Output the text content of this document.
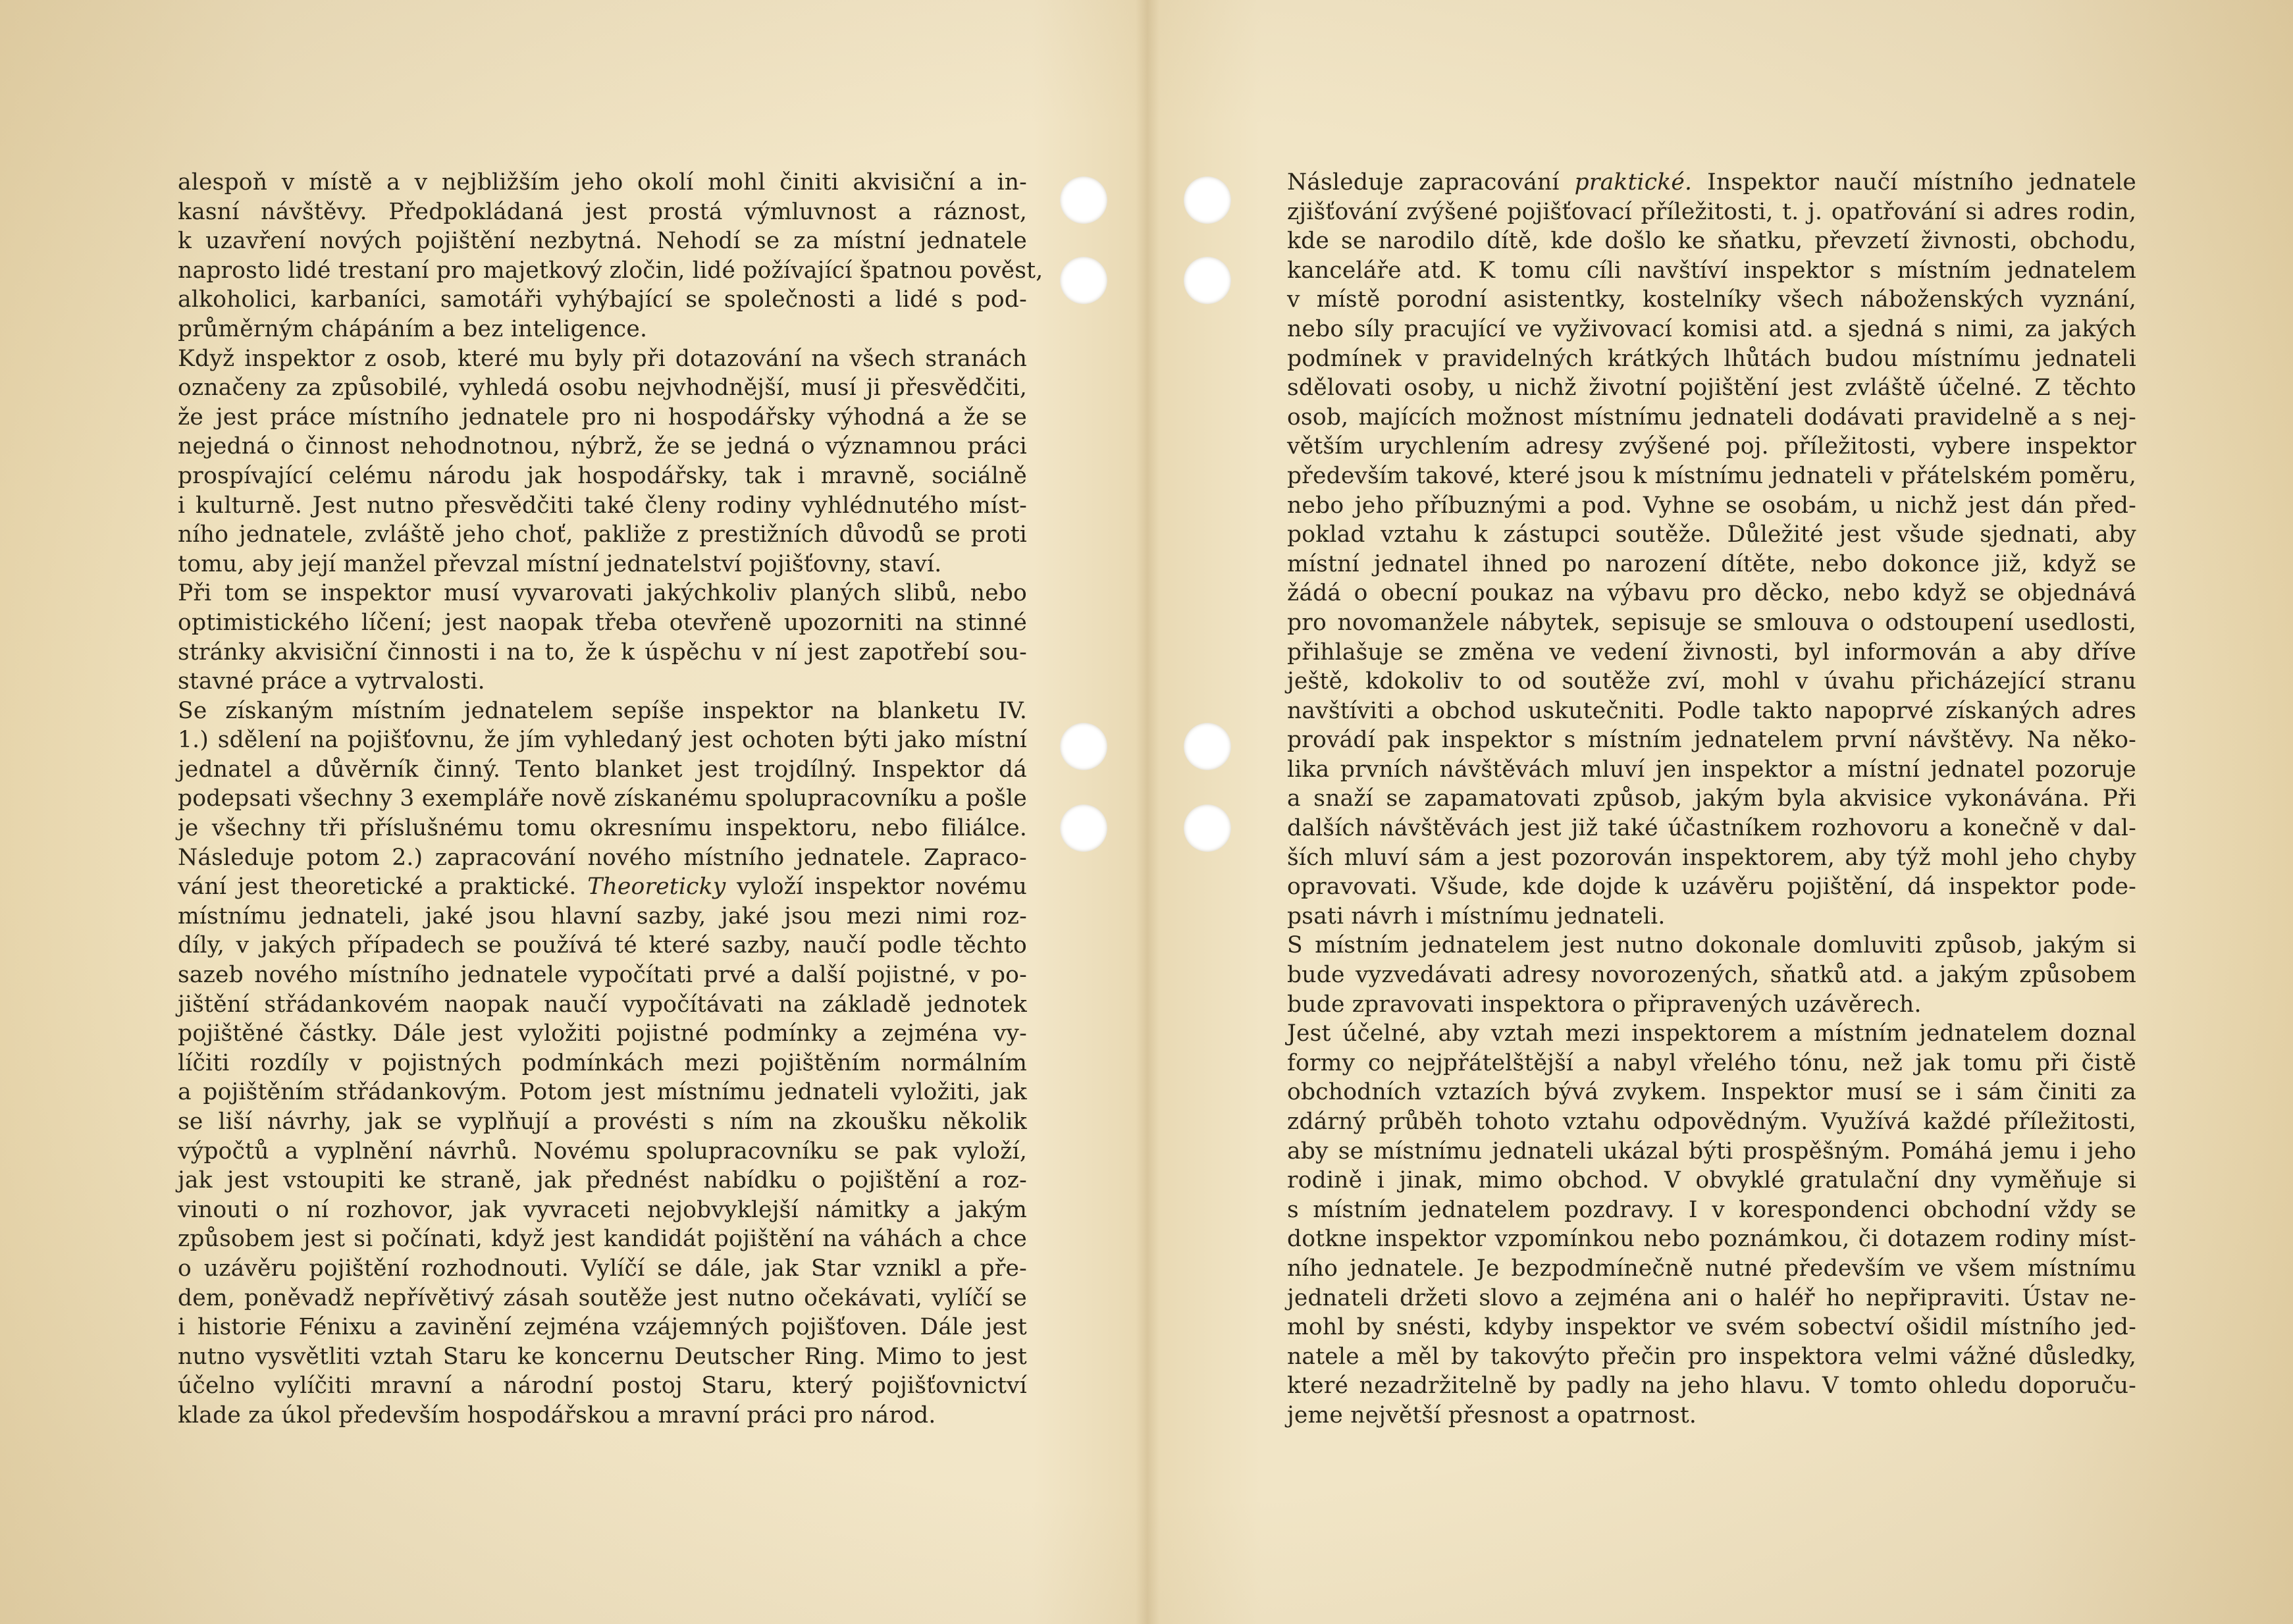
alespoň v místě a v nejbližším jeho okolí mohl činiti akvisiční a in-
kasní návštěvy. Předpokládaná jest prostá výmluvnost a ráznost,
k uzavření nových pojištění nezbytná. Nehodí se za místní jednatele
naprosto lidé trestaní pro majetkový zločin, lidé požívající špatnou pověst,
alkoholici, karbaníci, samotáři vyhýbající se společnosti a lidé s pod-
průměrným chápáním a bez inteligence.
Když inspektor z osob, které mu byly při dotazování na všech stranách
označeny za způsobilé, vyhledá osobu nejvhodnější, musí ji přesvědčiti,
že jest práce místního jednatele pro ni hospodářsky výhodná a že se
nejedná o činnost nehodnotnou, nýbrž, že se jedná o významnou práci
prospívající celému národu jak hospodářsky, tak i mravně, sociálně
i kulturně. Jest nutno přesvědčiti také členy rodiny vyhlédnutého míst-
ního jednatele, zvláště jeho choť, pakliže z prestižních důvodů se proti
tomu, aby její manžel převzal místní jednatelství pojišťovny, staví.
Při tom se inspektor musí vyvarovati jakýchkoliv planých slibů, nebo
optimistického líčení; jest naopak třeba otevřeně upozorniti na stinné
stránky akvisiční činnosti i na to, že k úspěchu v ní jest zapotřebí sou-
stavné práce a vytrvalosti.
Se získaným místním jednatelem sepíše inspektor na blanketu IV.
1.) sdělení na pojišťovnu, že jím vyhledaný jest ochoten býti jako místní
jednatel a důvěrník činný. Tento blanket jest trojdílný. Inspektor dá
podepsati všechny 3 exempláře nově získanému spolupracovníku a pošle
je všechny tři příslušnému tomu okresnímu inspektoru, nebo filiálce.
Následuje potom 2.) zapracování nového místního jednatele. Zapraco-
vání jest theoretické a praktické. Theoreticky vyloží inspektor novému
místnímu jednateli, jaké jsou hlavní sazby, jaké jsou mezi nimi roz-
díly, v jakých případech se používá té které sazby, naučí podle těchto
sazeb nového místního jednatele vypočítati prvé a další pojistné, v po-
jištění střádankovém naopak naučí vypočítávati na základě jednotek
pojištěné částky. Dále jest vyložiti pojistné podmínky a zejména vy-
líčiti rozdíly v pojistných podmínkách mezi pojištěním normálním
a pojištěním střádankovým. Potom jest místnímu jednateli vyložiti, jak
se liší návrhy, jak se vyplňují a provésti s ním na zkoušku několik
výpočtů a vyplnění návrhů. Novému spolupracovníku se pak vyloží,
jak jest vstoupiti ke straně, jak přednést nabídku o pojištění a roz-
vinouti o ní rozhovor, jak vyvraceti nejobvyklejší námitky a jakým
způsobem jest si počínati, když jest kandidát pojištění na váhách a chce
o uzávěru pojištění rozhodnouti. Vylíčí se dále, jak Star vznikl a pře-
dem, poněvadž nepřívětivý zásah soutěže jest nutno očekávati, vylíčí se
i historie Fénixu a zavinění zejména vzájemných pojišťoven. Dále jest
nutno vysvětliti vztah Staru ke koncernu Deutscher Ring. Mimo to jest
účelno vylíčiti mravní a národní postoj Staru, který pojišťovnictví
klade za úkol především hospodářskou a mravní práci pro národ.
Následuje zapracování praktické. Inspektor naučí místního jednatele
zjišťování zvýšené pojišťovací příležitosti, t. j. opatřování si adres rodin,
kde se narodilo dítě, kde došlo ke sňatku, převzetí živnosti, obchodu,
kanceláře atd. K tomu cíli navštíví inspektor s místním jednatelem
v místě porodní asistentky, kostelníky všech náboženských vyznání,
nebo síly pracující ve vyživovací komisi atd. a sjedná s nimi, za jakých
podmínek v pravidelných krátkých lhůtách budou místnímu jednateli
sdělovati osoby, u nichž životní pojištění jest zvláště účelné. Z těchto
osob, majících možnost místnímu jednateli dodávati pravidelně a s nej-
větším urychlením adresy zvýšené poj. příležitosti, vybere inspektor
především takové, které jsou k místnímu jednateli v přátelském poměru,
nebo jeho příbuznými a pod. Vyhne se osobám, u nichž jest dán před-
poklad vztahu k zástupci soutěže. Důležité jest všude sjednati, aby
místní jednatel ihned po narození dítěte, nebo dokonce již, když se
žádá o obecní poukaz na výbavu pro děcko, nebo když se objednává
pro novomanžele nábytek, sepisuje se smlouva o odstoupení usedlosti,
přihlašuje se změna ve vedení živnosti, byl informován a aby dříve
ještě, kdokoliv to od soutěže zví, mohl v úvahu přicházející stranu
navštíviti a obchod uskutečniti. Podle takto napoprvé získaných adres
provádí pak inspektor s místním jednatelem první návštěvy. Na něko-
lika prvních návštěvách mluví jen inspektor a místní jednatel pozoruje
a snaží se zapamatovati způsob, jakým byla akvisice vykonávána. Při
dalších návštěvách jest již také účastníkem rozhovoru a konečně v dal-
ších mluví sám a jest pozorován inspektorem, aby týž mohl jeho chyby
opravovati. Všude, kde dojde k uzávěru pojištění, dá inspektor pode-
psati návrh i místnímu jednateli.
S místním jednatelem jest nutno dokonale domluviti způsob, jakým si
bude vyzvedávati adresy novorozených, sňatků atd. a jakým způsobem
bude zpravovati inspektora o připravených uzávěrech.
Jest účelné, aby vztah mezi inspektorem a místním jednatelem doznal
formy co nejpřátelštější a nabyl vřelého tónu, než jak tomu při čistě
obchodních vztazích bývá zvykem. Inspektor musí se i sám činiti za
zdárný průběh tohoto vztahu odpovědným. Využívá každé příležitosti,
aby se místnímu jednateli ukázal býti prospěšným. Pomáhá jemu i jeho
rodině i jinak, mimo obchod. V obvyklé gratulační dny vyměňuje si
s místním jednatelem pozdravy. I v korespondenci obchodní vždy se
dotkne inspektor vzpomínkou nebo poznámkou, či dotazem rodiny míst-
ního jednatele. Je bezpodmínečně nutné především ve všem místnímu
jednateli držeti slovo a zejména ani o haléř ho nepřipraviti. Ústav ne-
mohl by snésti, kdyby inspektor ve svém sobectví ošidil místního jed-
natele a měl by takovýto přečin pro inspektora velmi vážné důsledky,
které nezadržitelně by padly na jeho hlavu. V tomto ohledu doporuču-
jeme největší přesnost a opatrnost.
